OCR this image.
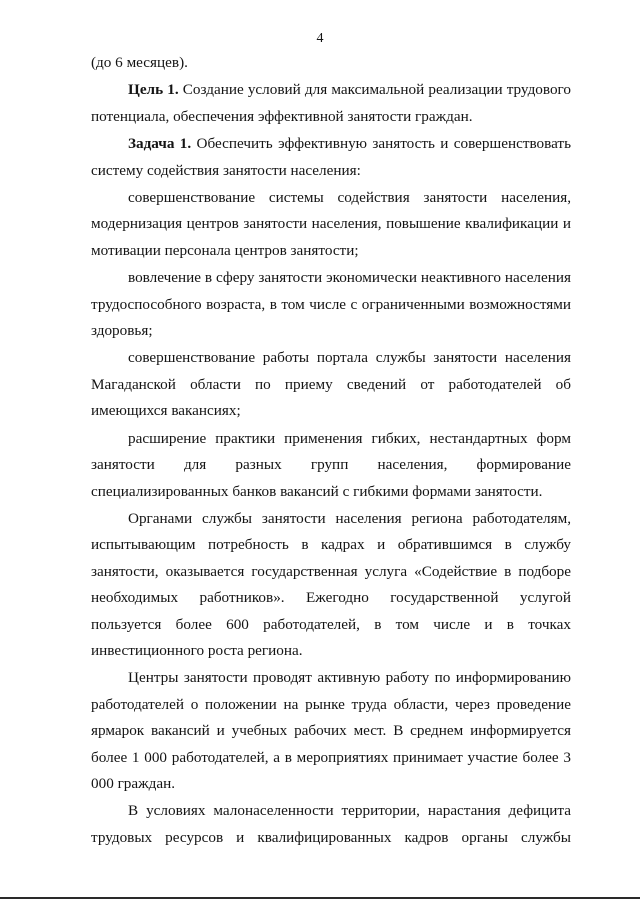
4

(до 6 месяцев).

Цель 1. Создание условий для максимальной реализации трудового потенциала, обеспечения эффективной занятости граждан.

Задача 1. Обеспечить эффективную занятость и совершенствовать систему содействия занятости населения:

совершенствование системы содействия занятости населения, модернизация центров занятости населения, повышение квалификации и мотивации персонала центров занятости;

вовлечение в сферу занятости экономически неактивного населения трудоспособного возраста, в том числе с ограниченными возможностями здоровья;

совершенствование работы портала службы занятости населения Магаданской области по приему сведений от работодателей об имеющихся вакансиях;

расширение практики применения гибких, нестандартных форм занятости для разных групп населения, формирование специализированных банков вакансий с гибкими формами занятости.

Органами службы занятости населения региона работодателям, испытывающим потребность в кадрах и обратившимся в службу занятости, оказывается государственная услуга «Содействие в подборе необходимых работников». Ежегодно государственной услугой пользуется более 600 работодателей, в том числе и в точках инвестиционного роста региона.

Центры занятости проводят активную работу по информированию работодателей о положении на рынке труда области, через проведение ярмарок вакансий и учебных рабочих мест. В среднем информируется более 1 000 работодателей, а в мероприятиях принимает участие более 3 000 граждан.

В условиях малонаселенности территории, нарастания дефицита трудовых ресурсов и квалифицированных кадров органы службы
